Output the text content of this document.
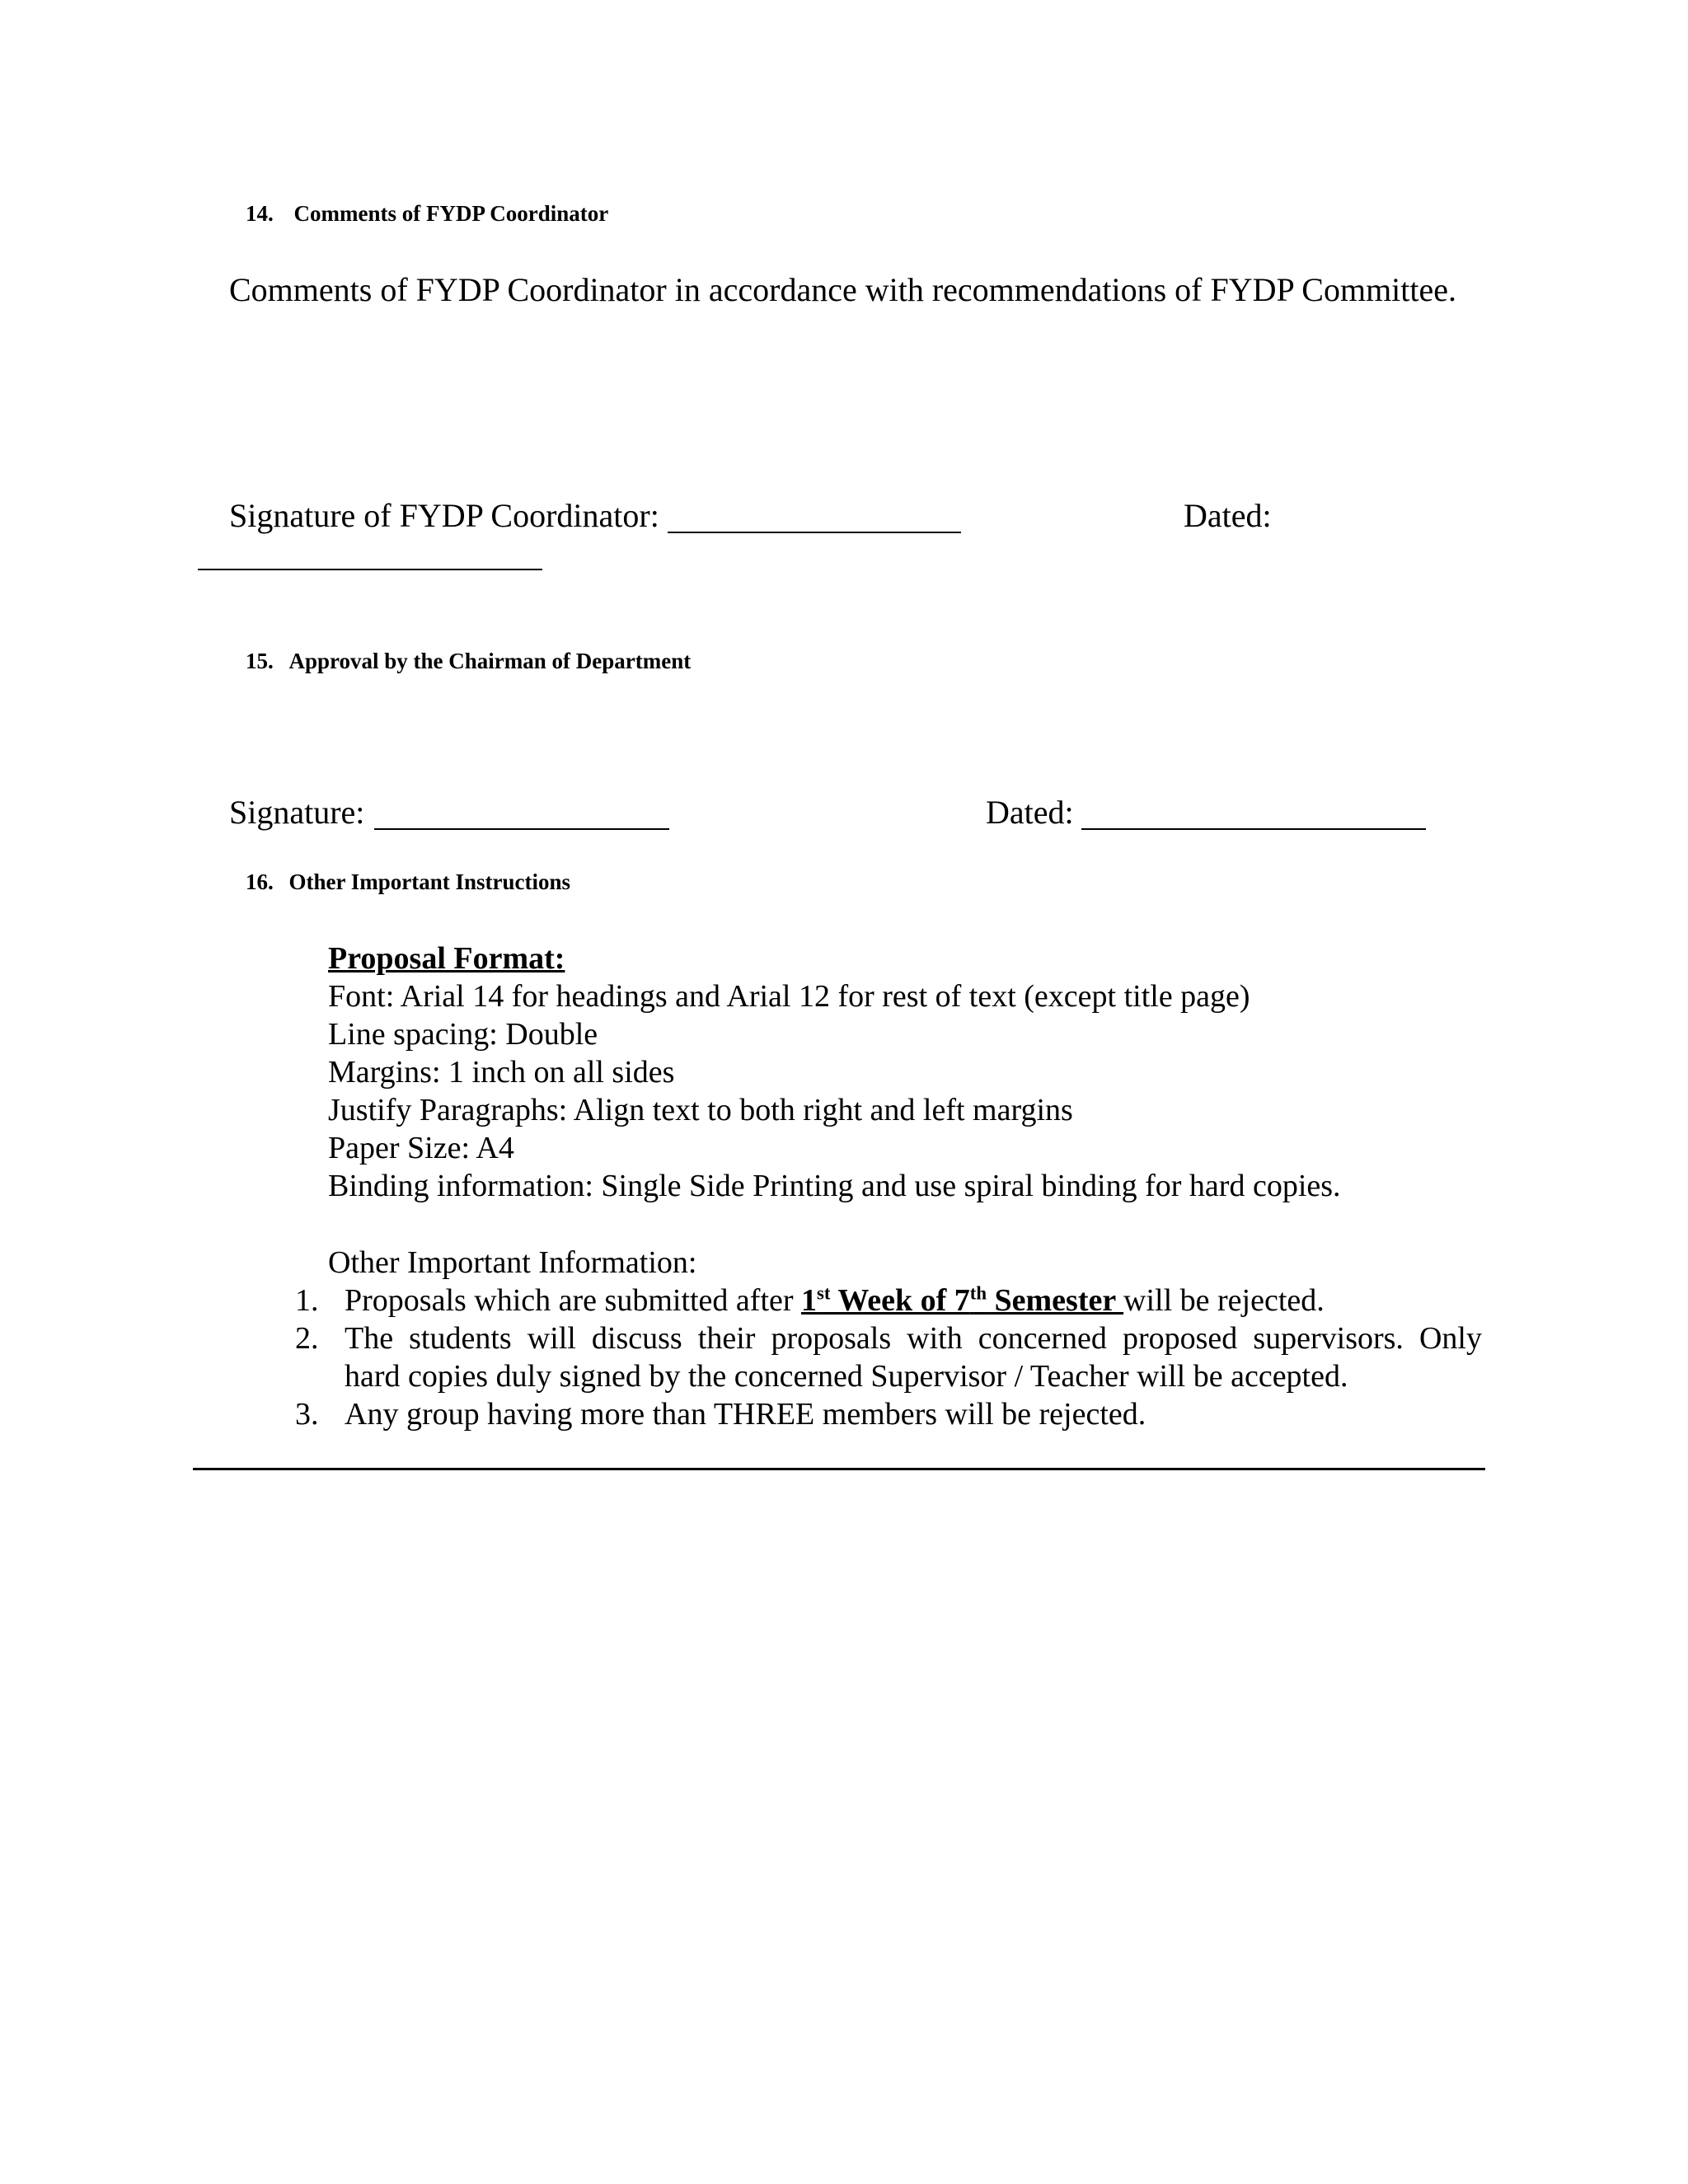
14. Comments of FYDP Coordinator
Comments of FYDP Coordinator in accordance with recommendations of FYDP Committee.
Signature of FYDP Coordinator:	Dated:
15. Approval by the Chairman of Department
Signature:	Dated:
16. Other Important Instructions
Proposal Format:
Font: Arial 14 for headings and Arial 12 for rest of text (except title page)
Line spacing: Double
Margins: 1 inch on all sides
Justify Paragraphs: Align text to both right and left margins
Paper Size: A4
Binding information: Single Side Printing and use spiral binding for hard copies.
Other Important Information:
1. Proposals which are submitted after 1st Week of 7th Semester will be rejected.
2. The students will discuss their proposals with concerned proposed supervisors. Only
hard copies duly signed by the concerned Supervisor / Teacher will be accepted.
3. Any group having more than THREE members will be rejected.
